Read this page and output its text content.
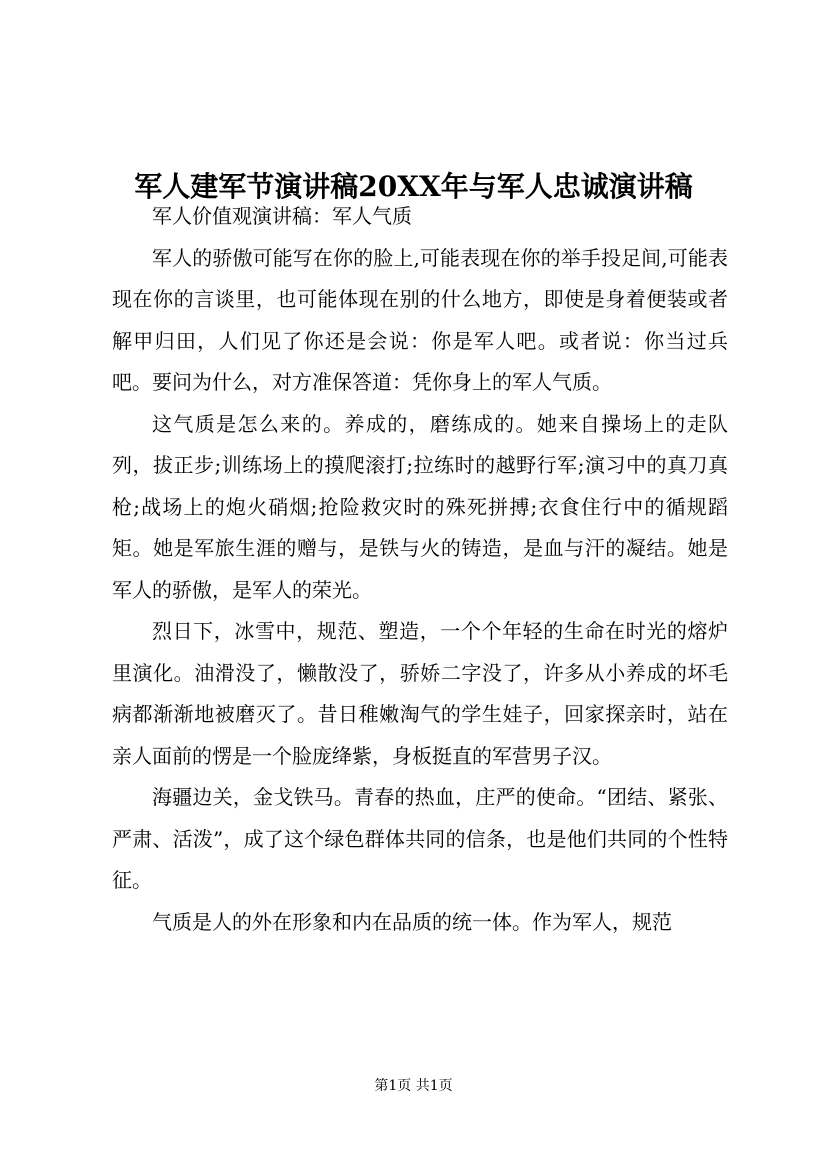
军人建军节演讲稿20XX年与军人忠诚演讲稿

军人价值观演讲稿：军人气质

军人的骄傲可能写在你的脸上,可能表现在你的举手投足间,可能表现在你的言谈里，也可能体现在别的什么地方，即使是身着便装或者解甲归田，人们见了你还是会说：你是军人吧。或者说：你当过兵吧。要问为什么，对方准保答道：凭你身上的军人气质。

这气质是怎么来的。养成的，磨练成的。她来自操场上的走队列，拔正步;训练场上的摸爬滚打;拉练时的越野行军;演习中的真刀真枪;战场上的炮火硝烟;抢险救灾时的殊死拼搏;衣食住行中的循规蹈矩。她是军旅生涯的赠与，是铁与火的铸造，是血与汗的凝结。她是军人的骄傲，是军人的荣光。

烈日下，冰雪中，规范、塑造，一个个年轻的生命在时光的熔炉里演化。油滑没了，懒散没了，骄娇二字没了，许多从小养成的坏毛病都渐渐地被磨灭了。昔日稚嫩淘气的学生娃子，回家探亲时，站在亲人面前的愣是一个脸庞绛紫，身板挺直的军营男子汉。

海疆边关，金戈铁马。青春的热血，庄严的使命。“团结、紧张、严肃、活泼”，成了这个绿色群体共同的信条，也是他们共同的个性特征。

气质是人的外在形象和内在品质的统一体。作为军人，规范

第1页 共1页
